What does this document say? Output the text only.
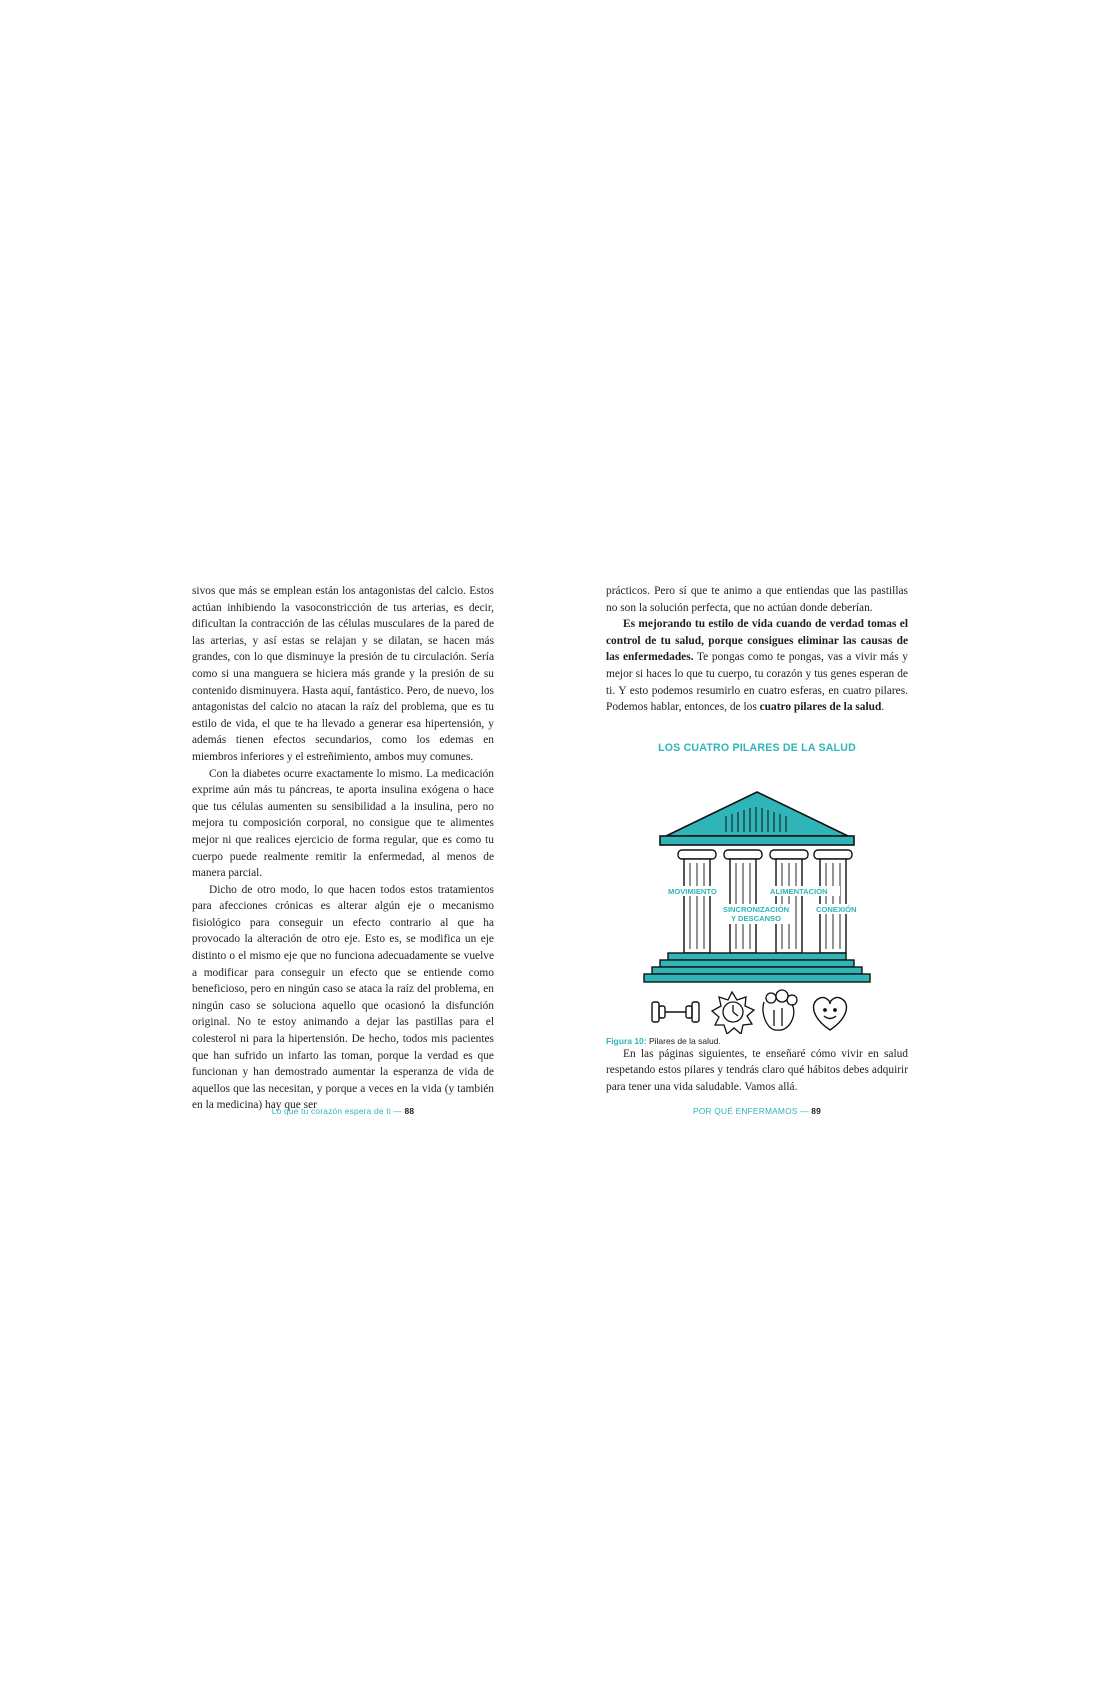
sivos que más se emplean están los antagonistas del calcio. Estos actúan inhibiendo la vasoconstricción de tus arterias, es decir, dificultan la contracción de las células musculares de la pared de las arterias, y así estas se relajan y se dilatan, se hacen más grandes, con lo que disminuye la presión de tu circulación. Sería como si una manguera se hiciera más grande y la presión de su contenido disminuyera. Hasta aquí, fantástico. Pero, de nuevo, los antagonistas del calcio no atacan la raíz del problema, que es tu estilo de vida, el que te ha llevado a generar esa hipertensión, y además tienen efectos secundarios, como los edemas en miembros inferiores y el estreñimiento, ambos muy comunes.

Con la diabetes ocurre exactamente lo mismo. La medicación exprime aún más tu páncreas, te aporta insulina exógena o hace que tus células aumenten su sensibilidad a la insulina, pero no mejora tu composición corporal, no consigue que te alimentes mejor ni que realices ejercicio de forma regular, que es como tu cuerpo puede realmente remitir la enfermedad, al menos de manera parcial.

Dicho de otro modo, lo que hacen todos estos tratamientos para afecciones crónicas es alterar algún eje o mecanismo fisiológico para conseguir un efecto contrario al que ha provocado la alteración de otro eje. Esto es, se modifica un eje distinto o el mismo eje que no funciona adecuadamente se vuelve a modificar para conseguir un efecto que se entiende como beneficioso, pero en ningún caso se ataca la raíz del problema, en ningún caso se soluciona aquello que ocasionó la disfunción original. No te estoy animando a dejar las pastillas para el colesterol ni para la hipertensión. De hecho, todos mis pacientes que han sufrido un infarto las toman, porque la verdad es que funcionan y han demostrado aumentar la esperanza de vida de aquellos que las necesitan, y porque a veces en la vida (y también en la medicina) hay que ser

prácticos. Pero sí que te animo a que entiendas que las pastillas no son la solución perfecta, que no actúan donde deberían.

Es mejorando tu estilo de vida cuando de verdad tomas el control de tu salud, porque consigues eliminar las causas de las enfermedades. Te pongas como te pongas, vas a vivir más y mejor si haces lo que tu cuerpo, tu corazón y tus genes esperan de ti. Y esto podemos resumirlo en cuatro esferas, en cuatro pilares. Podemos hablar, entonces, de los cuatro pilares de la salud.

LOS CUATRO PILARES DE LA SALUD
MOVIMIENTO
SINCRONIZACIÓN
Y DESCANSO
ALIMENTACIÓN
CONEXIÓN
Figura 10: Pilares de la salud.

En las páginas siguientes, te enseñaré cómo vivir en salud respetando estos pilares y tendrás claro qué hábitos debes adquirir para tener una vida saludable. Vamos allá.

Lo que tu corazón espera de ti — 88	POR QUÉ ENFERMAMOS — 89
